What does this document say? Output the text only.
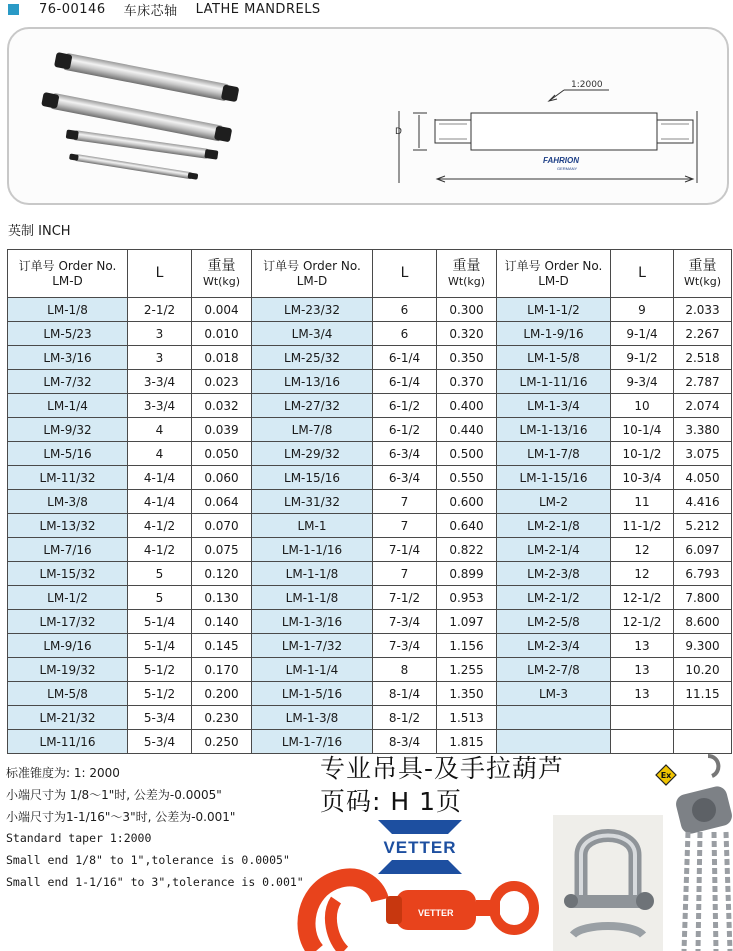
76-00146 车床芯轴 LATHE MANDRELS
D
1:2000
FAHRION
GERMANY
英制 INCH
订单号 Order No.
LM-D	L	重量
Wt(kg)	订单号 Order No.
LM-D	L	重量
Wt(kg)	订单号 Order No.
LM-D	L	重量
Wt(kg)
LM-1/8	2-1/2	0.004	LM-23/32	6	0.300	LM-1-1/2	9	2.033
LM-5/23	3	0.010	LM-3/4	6	0.320	LM-1-9/16	9-1/4	2.267
LM-3/16	3	0.018	LM-25/32	6-1/4	0.350	LM-1-5/8	9-1/2	2.518
LM-7/32	3-3/4	0.023	LM-13/16	6-1/4	0.370	LM-1-11/16	9-3/4	2.787
LM-1/4	3-3/4	0.032	LM-27/32	6-1/2	0.400	LM-1-3/4	10	2.074
LM-9/32	4	0.039	LM-7/8	6-1/2	0.440	LM-1-13/16	10-1/4	3.380
LM-5/16	4	0.050	LM-29/32	6-3/4	0.500	LM-1-7/8	10-1/2	3.075
LM-11/32	4-1/4	0.060	LM-15/16	6-3/4	0.550	LM-1-15/16	10-3/4	4.050
LM-3/8	4-1/4	0.064	LM-31/32	7	0.600	LM-2	11	4.416
LM-13/32	4-1/2	0.070	LM-1	7	0.640	LM-2-1/8	11-1/2	5.212
LM-7/16	4-1/2	0.075	LM-1-1/16	7-1/4	0.822	LM-2-1/4	12	6.097
LM-15/32	5	0.120	LM-1-1/8	7	0.899	LM-2-3/8	12	6.793
LM-1/2	5	0.130	LM-1-1/8	7-1/2	0.953	LM-2-1/2	12-1/2	7.800
LM-17/32	5-1/4	0.140	LM-1-3/16	7-3/4	1.097	LM-2-5/8	12-1/2	8.600
LM-9/16	5-1/4	0.145	LM-1-7/32	7-3/4	1.156	LM-2-3/4	13	9.300
LM-19/32	5-1/2	0.170	LM-1-1/4	8	1.255	LM-2-7/8	13	10.20
LM-5/8	5-1/2	0.200	LM-1-5/16	8-1/4	1.350	LM-3	13	11.15
LM-21/32	5-3/4	0.230	LM-1-3/8	8-1/2	1.513			
LM-11/16	5-3/4	0.250	LM-1-7/16	8-3/4	1.815			
标准锥度为: 1: 2000
小端尺寸为 1/8～1"时, 公差为-0.0005"
小端尺寸为1-1/16"～3"时, 公差为-0.001"
Standard taper 1:2000
Small end 1/8" to 1",tolerance is 0.0005"
Small end 1-1/16" to 3",tolerance is 0.001"
专业吊具-及手拉葫芦
页码: H 1页
VETTER
Ex
VETTER
